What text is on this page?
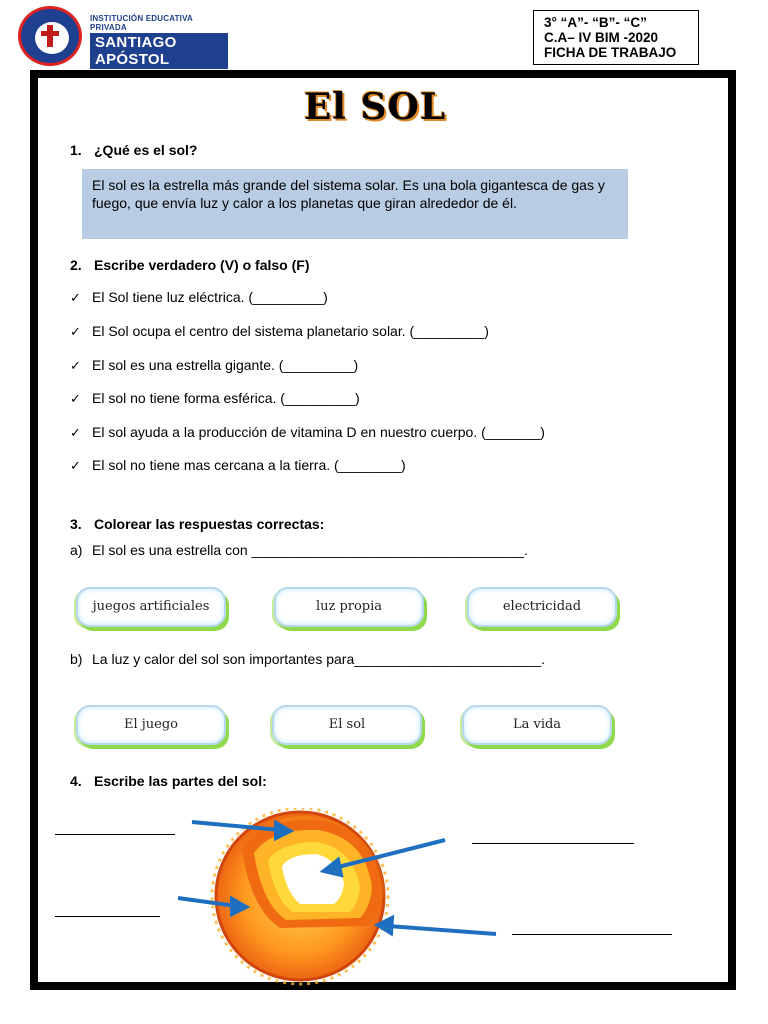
INSTITUCIÓN EDUCATIVA PRIVADA
SANTIAGO APÓSTOL

3° “A”- “B”- “C”
C.A– IV BIM -2020
FICHA DE TRABAJO
El SOL
1. ¿Qué es el sol?
El sol es la estrella más grande del sistema solar. Es una bola gigantesca de gas y fuego, que envía luz y calor a los planetas que giran alrededor de él.
2. Escribe verdadero (V) o falso (F)
✓ El Sol tiene luz eléctrica. (_________)
✓ El Sol ocupa el centro del sistema planetario solar. (_________)
✓ El sol es una estrella gigante. (_________)
✓ El sol no tiene forma esférica. (_________)
✓ El sol ayuda a la producción de vitamina D en nuestro cuerpo. (_______)
✓ El sol no tiene mas cercana a la tierra. (________)
3. Colorear las respuestas correctas:
a) El sol es una estrella con ___________________________________.
juegos artificiales	luz propia	electricidad
b) La luz y calor del sol son importantes para________________________.
El juego	El sol	La vida
4. Escribe las partes del sol:
